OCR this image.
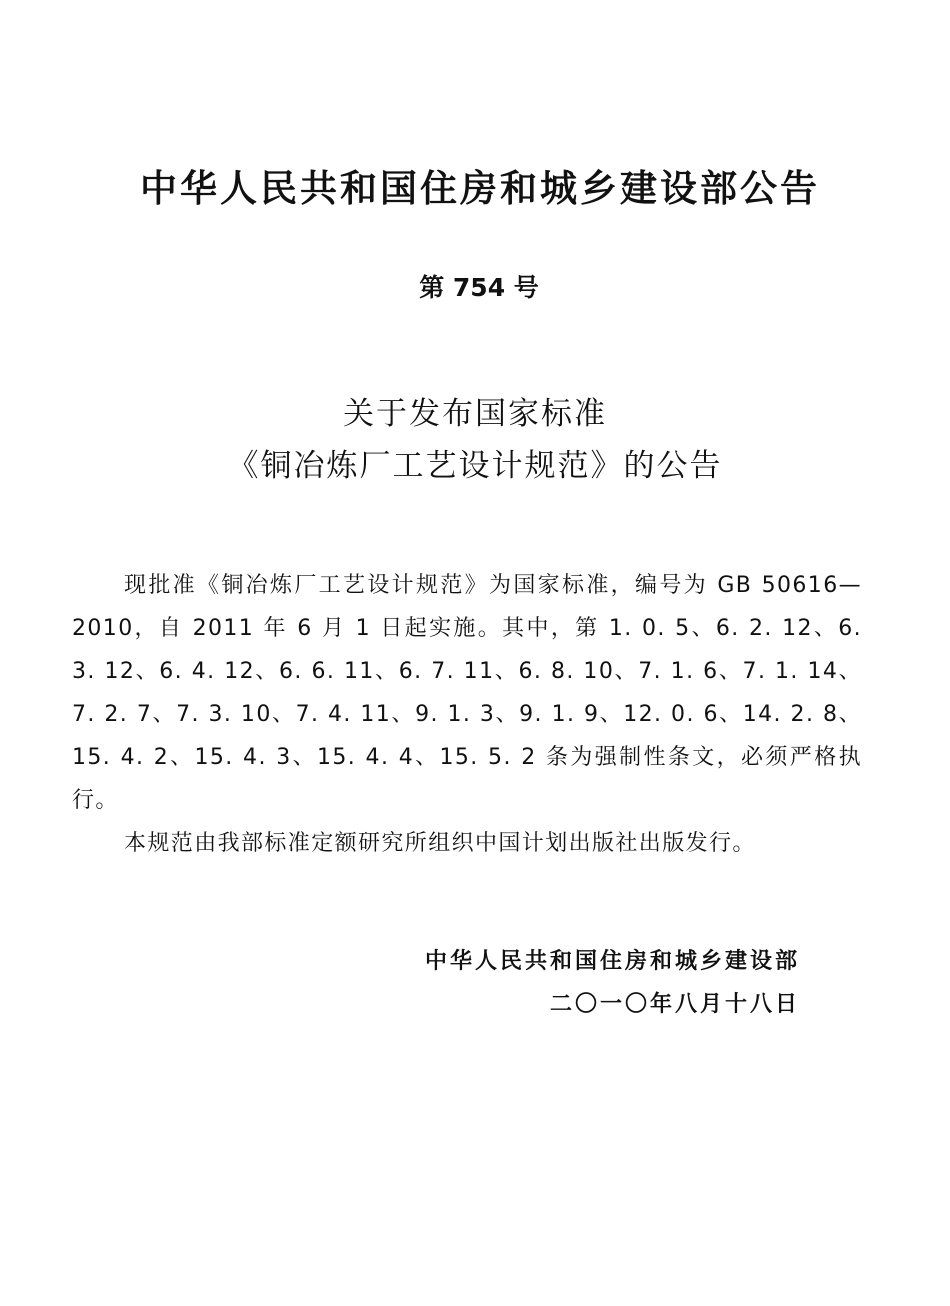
中华人民共和国住房和城乡建设部公告
第 754 号
关于发布国家标准
《铜冶炼厂工艺设计规范》的公告

现批准《铜冶炼厂工艺设计规范》为国家标准，编号为 GB 50616—2010，自 2011 年 6 月 1 日起实施。其中，第 1. 0. 5、6. 2. 12、6. 3. 12、6. 4. 12、6. 6. 11、6. 7. 11、6. 8. 10、7. 1. 6、7. 1. 14、7. 2. 7、7. 3. 10、7. 4. 11、9. 1. 3、9. 1. 9、12. 0. 6、14. 2. 8、15. 4. 2、15. 4. 3、15. 4. 4、15. 5. 2 条为强制性条文，必须严格执行。

本规范由我部标准定额研究所组织中国计划出版社出版发行。

中华人民共和国住房和城乡建设部
二〇一〇年八月十八日
